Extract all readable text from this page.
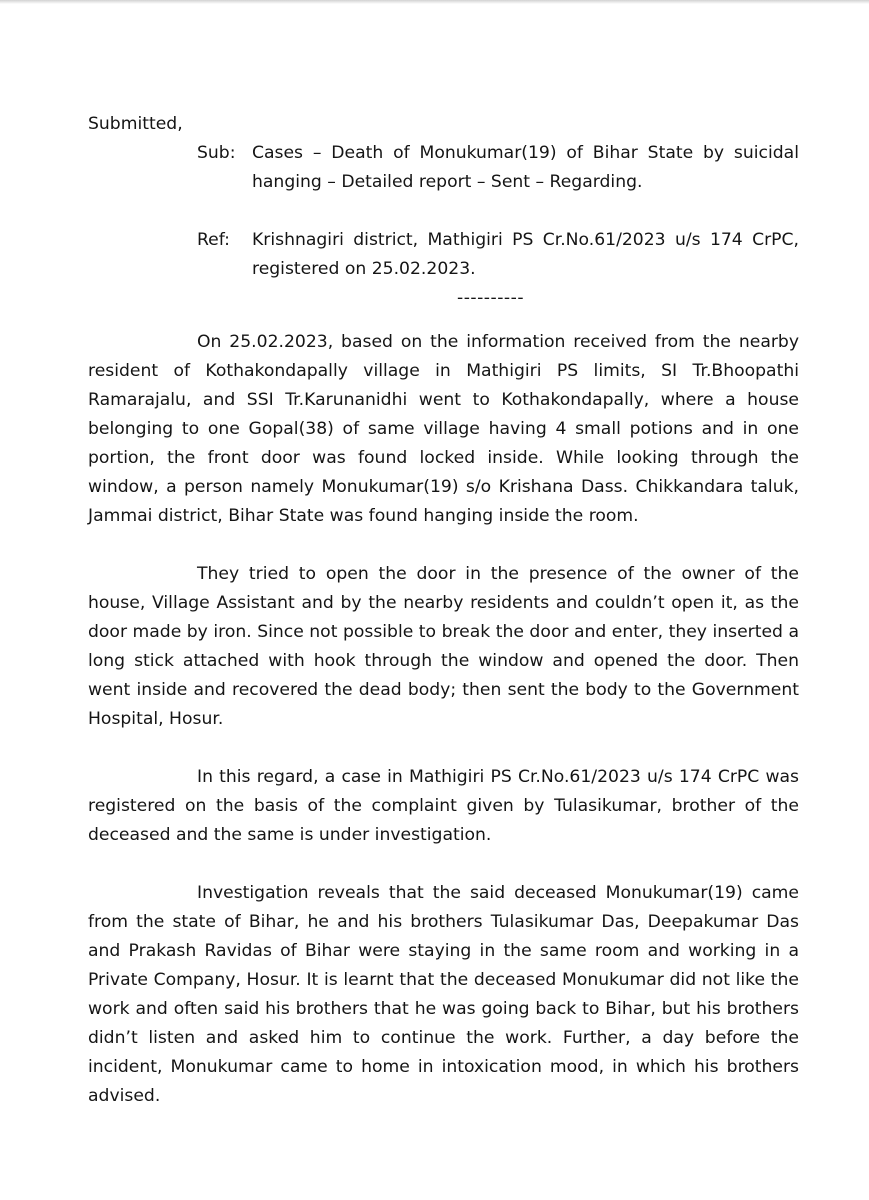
Submitted,

Sub: Cases – Death of Monukumar(19) of Bihar State by suicidal hanging – Detailed report – Sent – Regarding.
Ref:	Krishnagiri district, Mathigiri PS Cr.No.61/2023 u/s 174 CrPC, registered on 25.02.2023.
----------

On 25.02.2023, based on the information received from the nearby resident of Kothakondapally village in Mathigiri PS limits, SI Tr.Bhoopathi Ramarajalu, and SSI Tr.Karunanidhi went to Kothakondapally, where a house belonging to one Gopal(38) of same village having 4 small potions and in one portion, the front door was found locked inside. While looking through the window, a person namely Monukumar(19) s/o Krishana Dass. Chikkandara taluk, Jammai district, Bihar State was found hanging inside the room.

They tried to open the door in the presence of the owner of the house, Village Assistant and by the nearby residents and couldn’t open it, as the door made by iron. Since not possible to break the door and enter, they inserted a long stick attached with hook through the window and opened the door. Then went inside and recovered the dead body; then sent the body to the Government Hospital, Hosur.

In this regard, a case in Mathigiri PS Cr.No.61/2023 u/s 174 CrPC was registered on the basis of the complaint given by Tulasikumar, brother of the deceased and the same is under investigation.

Investigation reveals that the said deceased Monukumar(19) came from the state of Bihar, he and his brothers Tulasikumar Das, Deepakumar Das and Prakash Ravidas of Bihar were staying in the same room and working in a Private Company, Hosur. It is learnt that the deceased Monukumar did not like the work and often said his brothers that he was going back to Bihar, but his brothers didn’t listen and asked him to continue the work. Further, a day before the incident, Monukumar came to home in intoxication mood, in which his brothers advised.
